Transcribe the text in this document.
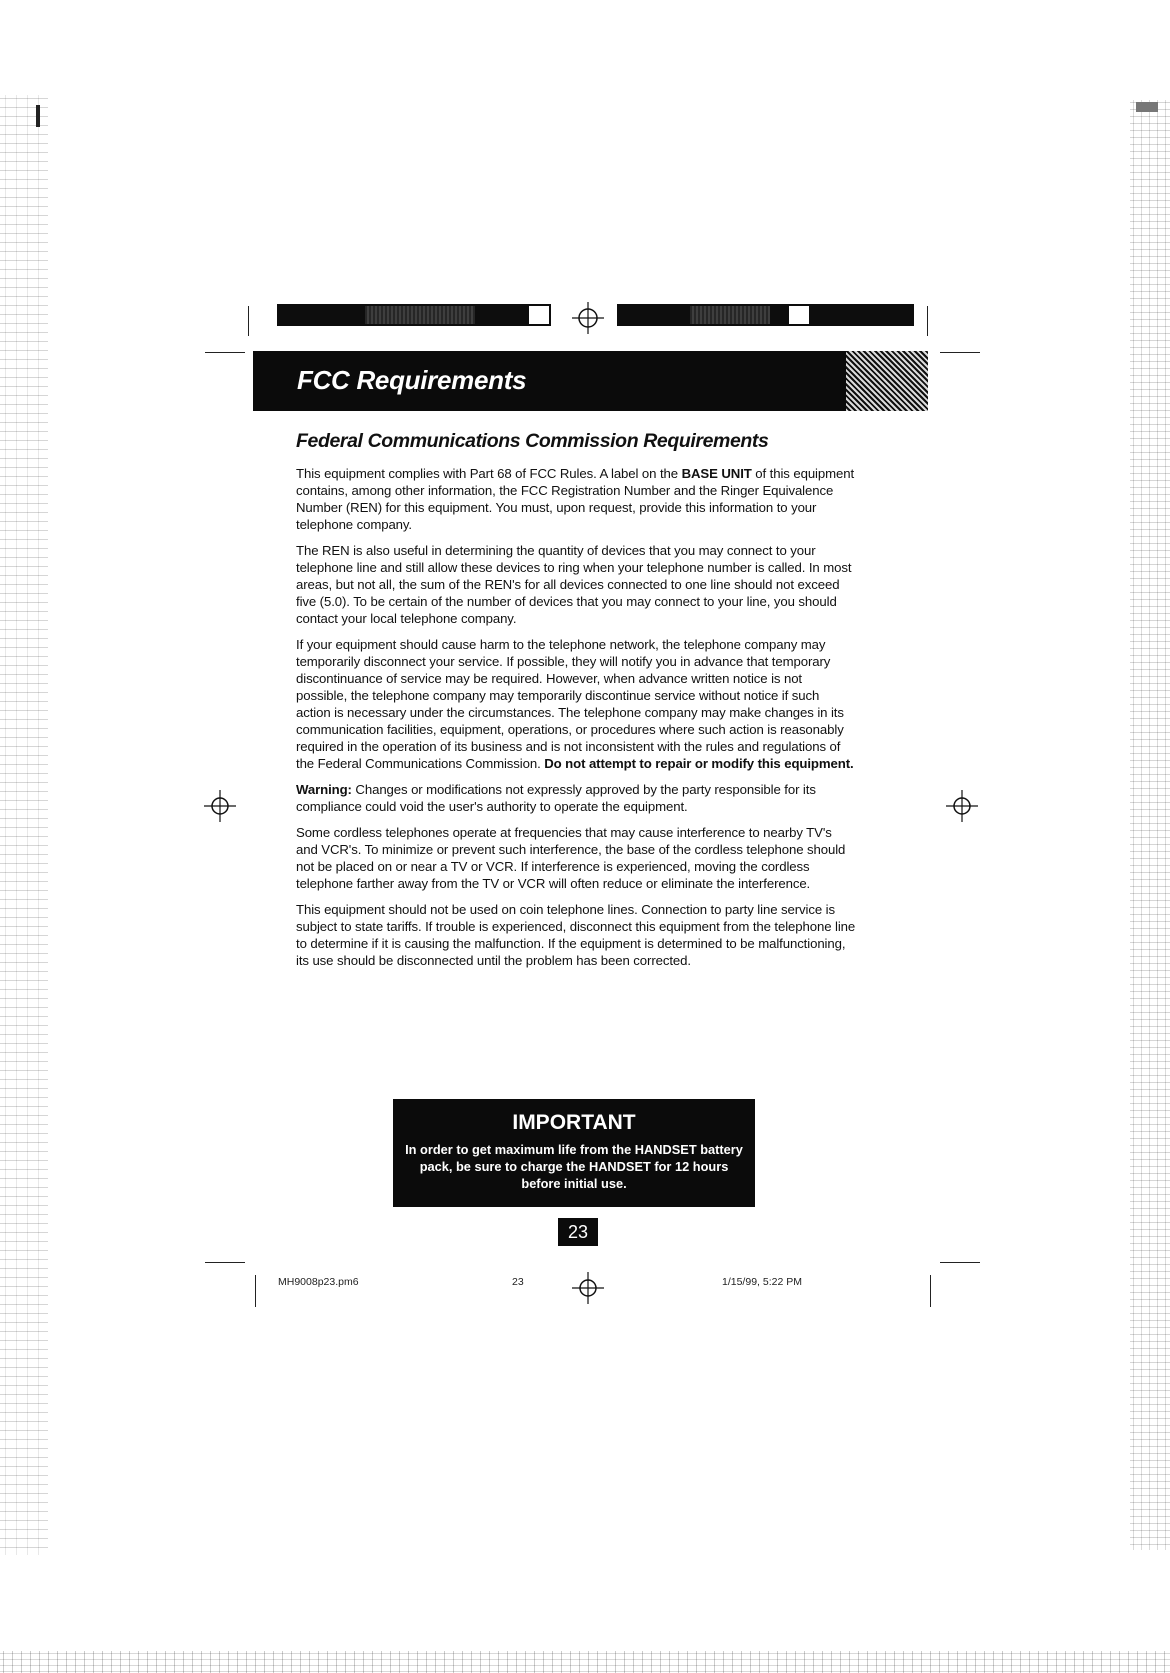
FCC Requirements
Federal Communications Commission Requirements

This equipment complies with Part 68 of FCC Rules. A label on the BASE UNIT of this equipment contains, among other information, the FCC Registration Number and the Ringer Equivalence Number (REN) for this equipment. You must, upon request, provide this information to your telephone company.

The REN is also useful in determining the quantity of devices that you may connect to your telephone line and still allow these devices to ring when your telephone number is called. In most areas, but not all, the sum of the REN's for all devices connected to one line should not exceed five (5.0). To be certain of the number of devices that you may connect to your line, you should contact your local telephone company.

If your equipment should cause harm to the telephone network, the telephone company may temporarily disconnect your service. If possible, they will notify you in advance that temporary discontinuance of service may be required. However, when advance written notice is not possible, the telephone company may temporarily discontinue service without notice if such action is necessary under the circumstances. The telephone company may make changes in its communication facilities, equipment, operations, or procedures where such action is reasonably required in the operation of its business and is not inconsistent with the rules and regulations of the Federal Communications Commission. Do not attempt to repair or modify this equipment.

Warning: Changes or modifications not expressly approved by the party responsible for its compliance could void the user's authority to operate the equipment.

Some cordless telephones operate at frequencies that may cause interference to nearby TV's and VCR's. To minimize or prevent such interference, the base of the cordless telephone should not be placed on or near a TV or VCR. If interference is experienced, moving the cordless telephone farther away from the TV or VCR will often reduce or eliminate the interference.

This equipment should not be used on coin telephone lines. Connection to party line service is subject to state tariffs. If trouble is experienced, disconnect this equipment from the telephone line to determine if it is causing the malfunction. If the equipment is determined to be malfunctioning, its use should be disconnected until the problem has been corrected.

IMPORTANT
In order to get maximum life from the HANDSET battery pack, be sure to charge the HANDSET for 12 hours before initial use.
23
MH9008p23.pm6	23	1/15/99, 5:22 PM
